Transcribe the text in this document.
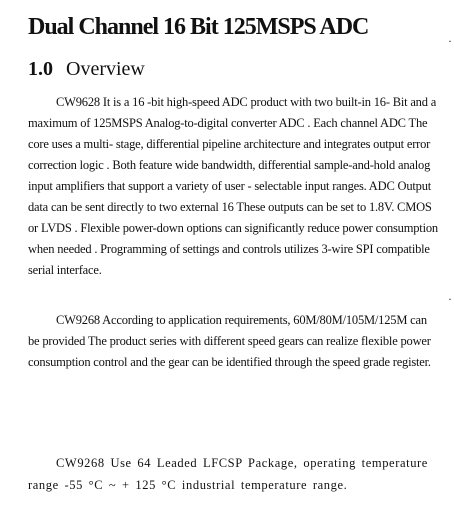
Dual Channel 16 Bit 125MSPS ADC
1.0 Overview

CW9628 It is a 16 -bit high-speed ADC product with two built-in 16- Bit and a maximum of 125MSPS Analog-to-digital converter ADC . Each channel ADC The core uses a multi- stage, differential pipeline architecture and integrates output error correction logic . Both feature wide bandwidth, differential sample-and-hold analog input amplifiers that support a variety of user - selectable input ranges. ADC Output data can be sent directly to two external 16 These outputs can be set to 1.8V. CMOS or LVDS . Flexible power-down options can significantly reduce power consumption when needed . Programming of settings and controls utilizes 3-wire SPI compatible serial interface.

CW9268 According to application requirements, 60M/80M/105M/125M can be provided The product series with different speed gears can realize flexible power consumption control and the gear can be identified through the speed grade register.

CW9268 Use 64 Leaded LFCSP Package, operating temperature range -55 °C ~ + 125 °C industrial temperature range.

·
·
